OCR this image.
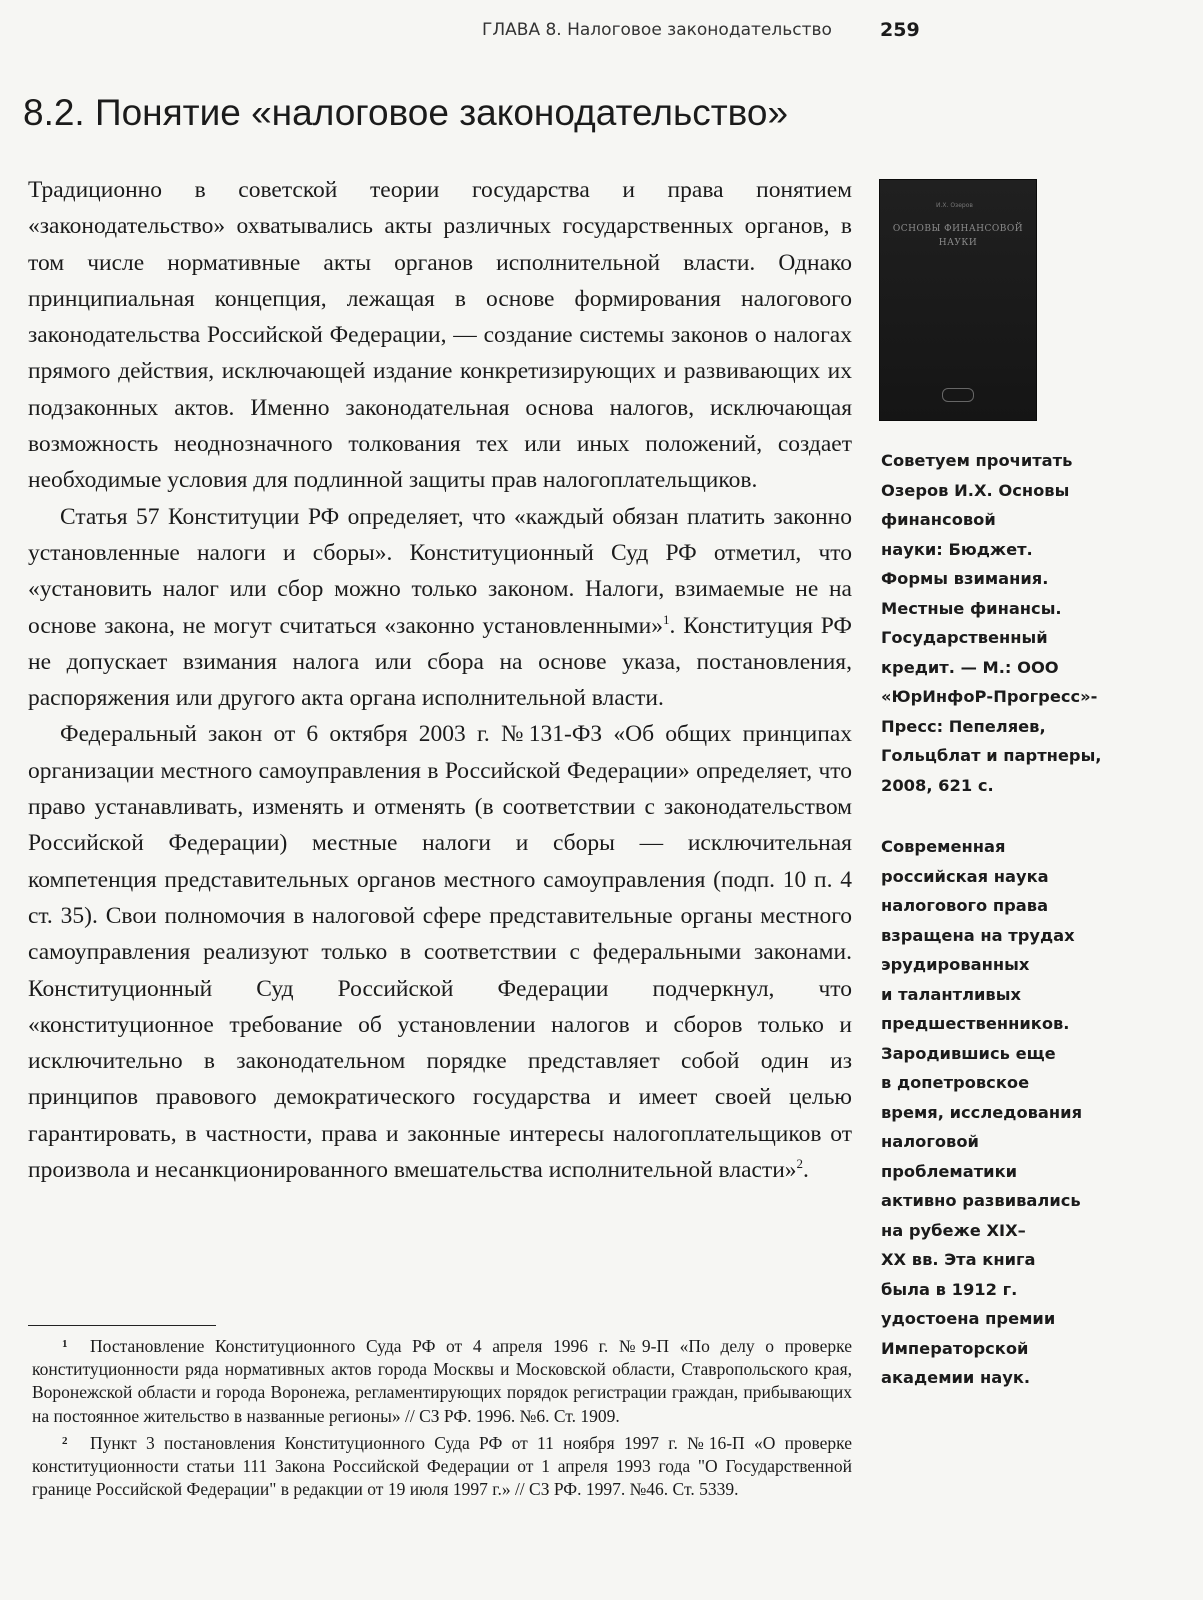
ГЛАВА 8. Налоговое законодательство	259
8.2. Понятие «налоговое законодательство»

Традиционно в советской теории государства и права понятием «законодательство» охватывались акты различных государственных органов, в том числе нормативные акты органов исполнительной власти. Однако принципиальная концепция, лежащая в основе формирования налогового законодательства Российской Федерации, — создание системы законов о налогах прямого действия, исключающей издание конкретизирующих и развивающих их подзаконных актов. Именно законодательная основа налогов, исключающая возможность неоднозначного толкования тех или иных положений, создает необходимые условия для подлинной защиты прав налогоплательщиков.

Статья 57 Конституции РФ определяет, что «каждый обязан платить законно установленные налоги и сборы». Конституционный Суд РФ отметил, что «установить налог или сбор можно только законом. Налоги, взимаемые не на основе закона, не могут считаться «законно установленными»$^1$. Конституция РФ не допускает взимания налога или сбора на основе указа, постановления, распоряжения или другого акта органа исполнительной власти.

Федеральный закон от 6 октября 2003 г. №131-ФЗ «Об общих принципах организации местного самоуправления в Российской Федерации» определяет, что право устанавливать, изменять и отменять (в соответствии с законодательством Российской Федерации) местные налоги и сборы — исключительная компетенция представительных органов местного самоуправления (подп. 10 п. 4 ст. 35). Свои полномочия в налоговой сфере представительные органы местного самоуправления реализуют только в соответствии с федеральными законами. Конституционный Суд Российской Федерации подчеркнул, что «конституционное требование об установлении налогов и сборов только и исключительно в законодательном порядке представляет собой один из принципов правового демократического государства и имеет своей целью гарантировать, в частности, права и законные интересы налогоплательщиков от произвола и несанкционированного вмешательства исполнительной власти»$^2$.

И.Х. Озеров
ОСНОВЫ ФИНАНСОВОЙ НАУКИ
Советуем прочитать
Озеров И.Х. Основы
финансовой
науки: Бюджет.
Формы взимания.
Местные финансы.
Государственный
кредит. — М.: ООО
«ЮрИнфоР-Прогресс»-
Пресс: Пепеляев,
Гольцблат и партнеры,
2008, 621 с.
Современная
российская наука
налогового права
взращена на трудах
эрудированных
и талантливых
предшественников.
Зародившись еще
в допетровское
время, исследования
налоговой
проблематики
активно развивались
на рубеже XIX–
XX вв. Эта книга
была в 1912 г.
удостоена премии
Императорской
академии наук.

1 Постановление Конституционного Суда РФ от 4 апреля 1996 г. №9-П «По делу о проверке конституционности ряда нормативных актов города Москвы и Московской области, Ставропольского края, Воронежской области и города Воронежа, регламентирующих порядок регистрации граждан, прибывающих на постоянное жительство в названные регионы» // СЗ РФ. 1996. №6. Ст. 1909.

2 Пункт 3 постановления Конституционного Суда РФ от 11 ноября 1997 г. №16-П «О проверке конституционности статьи 111 Закона Российской Федерации от 1 апреля 1993 года "О Государственной границе Российской Федерации" в редакции от 19 июля 1997 г.» // СЗ РФ. 1997. №46. Ст. 5339.
